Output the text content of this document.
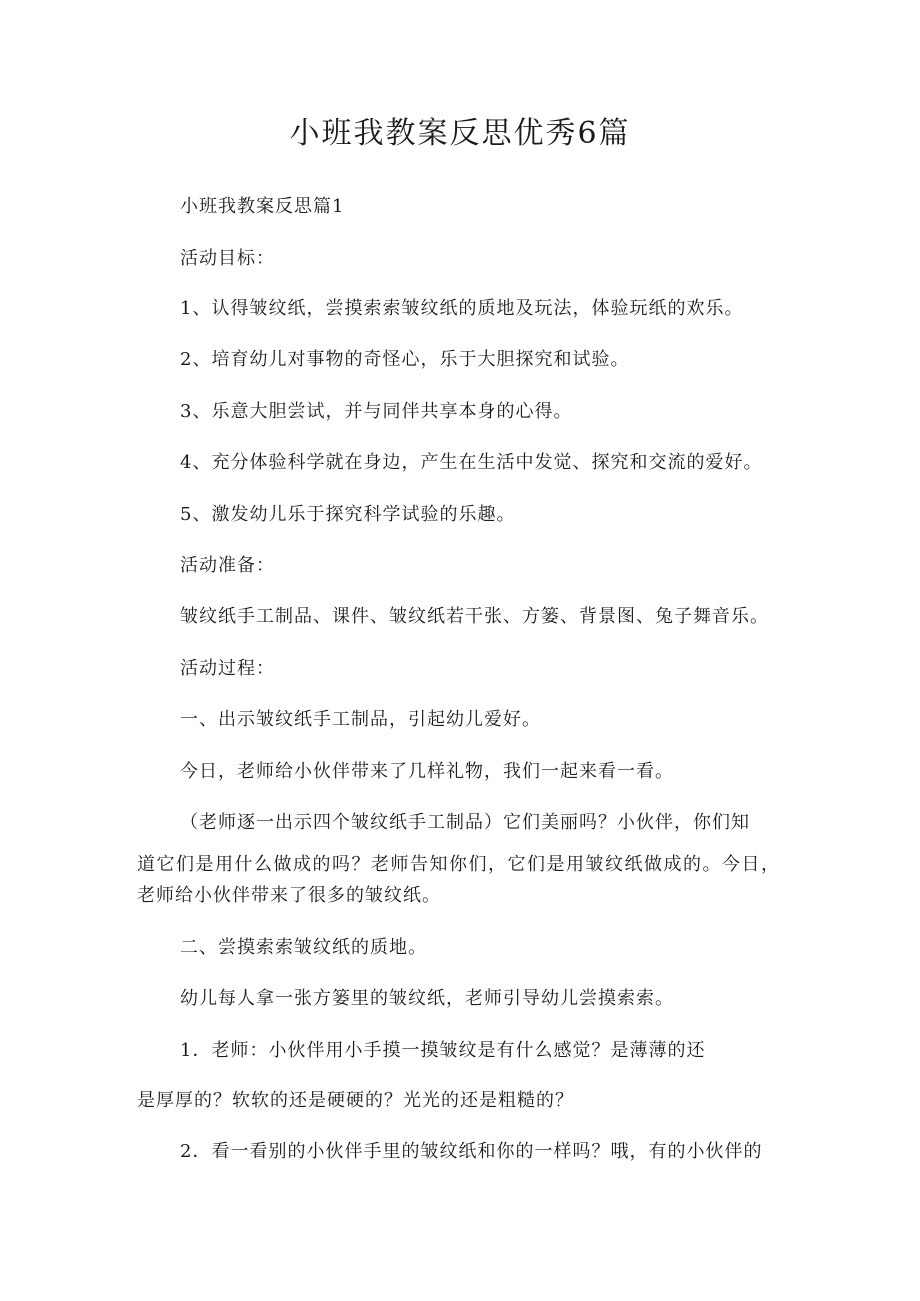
小班我教案反思优秀6篇
小班我教案反思篇1
活动目标：
1、认得皱纹纸，尝摸索索皱纹纸的质地及玩法，体验玩纸的欢乐。
2、培育幼儿对事物的奇怪心，乐于大胆探究和试验。
3、乐意大胆尝试，并与同伴共享本身的心得。
4、充分体验科学就在身边，产生在生活中发觉、探究和交流的爱好。
5、激发幼儿乐于探究科学试验的乐趣。
活动准备：
皱纹纸手工制品、课件、皱纹纸若干张、方篓、背景图、兔子舞音乐。
活动过程：
一、出示皱纹纸手工制品，引起幼儿爱好。
今日，老师给小伙伴带来了几样礼物，我们一起来看一看。
（老师逐一出示四个皱纹纸手工制品）它们美丽吗？小伙伴，你们知
道它们是用什么做成的吗？老师告知你们，它们是用皱纹纸做成的。今日，
老师给小伙伴带来了很多的皱纹纸。
二、尝摸索索皱纹纸的质地。
幼儿每人拿一张方篓里的皱纹纸，老师引导幼儿尝摸索索。
1．老师：小伙伴用小手摸一摸皱纹是有什么感觉？是薄薄的还
是厚厚的？软软的还是硬硬的？光光的还是粗糙的？
2．看一看别的小伙伴手里的皱纹纸和你的一样吗？哦，有的小伙伴的
